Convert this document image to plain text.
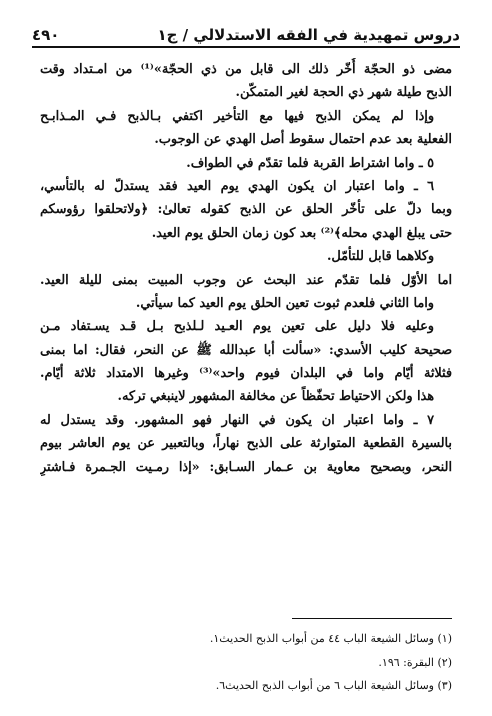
دروس تمهيدية في الفقه الاستدلالي / ج١
٤٩٠
مضى ذو الحجّة أُخّر ذلك الى قابل من ذي الحجّة»⁽¹⁾ من امـتداد وقت
الذبح طيلة شهر ذي الحجة لغير المتمكّن.
وإذا لم يمكن الذبح فيها مع التأخير اكتفي بـالذبح فـي المـذابـح
الفعلية بعد عدم احتمال سقوط أصل الهدي عن الوجوب.
٥ ـ واما اشتراط القربة فلما تقدّم في الطواف.
٦ ـ واما اعتبار ان يكون الهدي يوم العيد فقد يستدلّ له بالتأسي،
وبما دلّ على تأخّر الحلق عن الذبح كقوله تعالىٰ: ﴿ولاتحلقوا رؤوسكم
حتى يبلغ الهدي محله﴾⁽²⁾ بعد كون زمان الحلق يوم العيد.
وكلاهما قابل للتأمّل.
اما الأوّل فلما تقدّم عند البحث عن وجوب المبيت بمنى لليلة العيد.
واما الثاني فلعدم ثبوت تعين الحلق يوم العيد كما سيأتي.
وعليه فلا دليل على تعين يوم العـيد لـلذبح بـل قـد يسـتفاد مـن
صحيحة كليب الأسدي: «سألت أبا عبدالله ﷺ عن النحر، فقال: اما بمنى
فثلاثة أيّام واما في البلدان فيوم واحد»⁽³⁾ وغيرها الامتداد ثلاثة أيّام.
هذا ولكن الاحتياط تحفّظاً عن مخالفة المشهور لاينبغي تركه.
٧ ـ واما اعتبار ان يكون في النهار فهو المشهور. وقد يستدل له
بالسيرة القطعية المتوارثة على الذبح نهاراً، وبالتعبير عن يوم العاشر بيوم
النحر، وبصحيح معاوية بن عـمار السـابق: «إذا رمـيت الجـمرة فـاشترِ
(١) وسائل الشيعة الباب ٤٤ من أبواب الذبح الحديث١.
(٢) البقرة: ١٩٦.
(٣) وسائل الشيعة الباب ٦ من أبواب الذبح الحديث٦.
